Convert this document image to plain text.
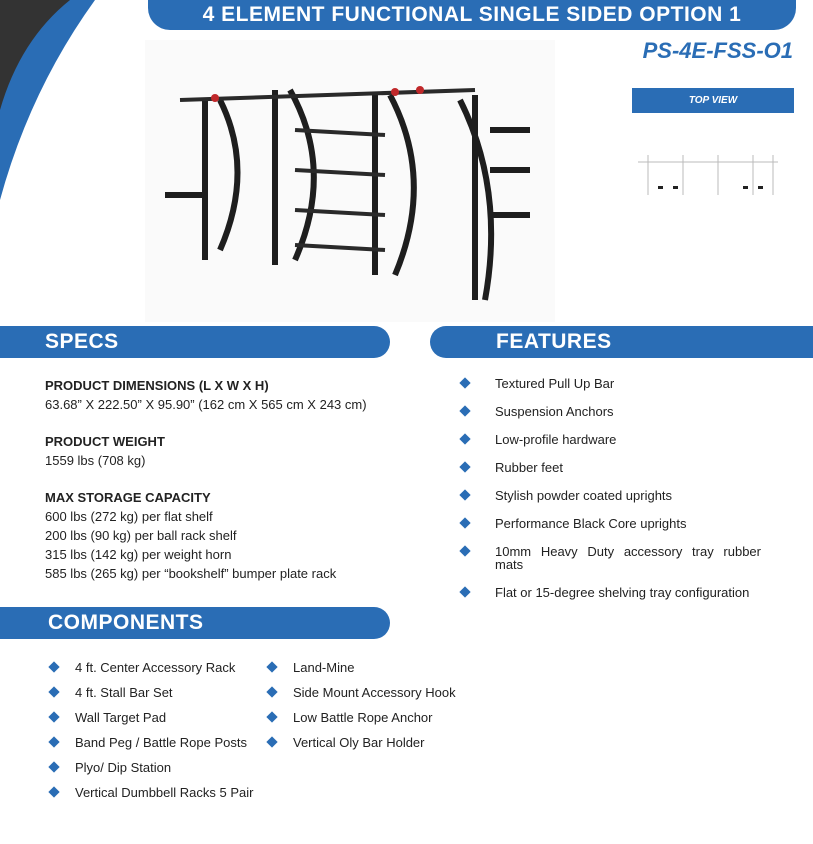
4 ELEMENT FUNCTIONAL SINGLE SIDED OPTION 1
PS-4E-FSS-O1
TOP VIEW
SPECS	FEATURES
PRODUCT DIMENSIONS (L X W X H)
63.68” X 222.50” X 95.90” (162 cm X 565 cm X 243 cm)
PRODUCT WEIGHT
1559 lbs (708 kg)
MAX STORAGE CAPACITY
600 lbs (272 kg) per flat shelf
200 lbs (90 kg) per ball rack shelf
315 lbs (142 kg) per weight horn
585 lbs (265 kg) per “bookshelf” bumper plate rack
Textured Pull Up Bar
Suspension Anchors
Low-profile hardware
Rubber feet
Stylish powder coated uprights
Performance Black Core uprights
10mm Heavy Duty accessory tray rubber mats
Flat or 15-degree shelving tray configuration
COMPONENTS
4 ft. Center Accessory Rack
4 ft. Stall Bar Set
Wall Target Pad
Band Peg / Battle Rope Posts
Plyo/ Dip Station
Vertical Dumbbell Racks 5 Pair
Land-Mine
Side Mount Accessory Hook
Low Battle Rope Anchor
Vertical Oly Bar Holder
